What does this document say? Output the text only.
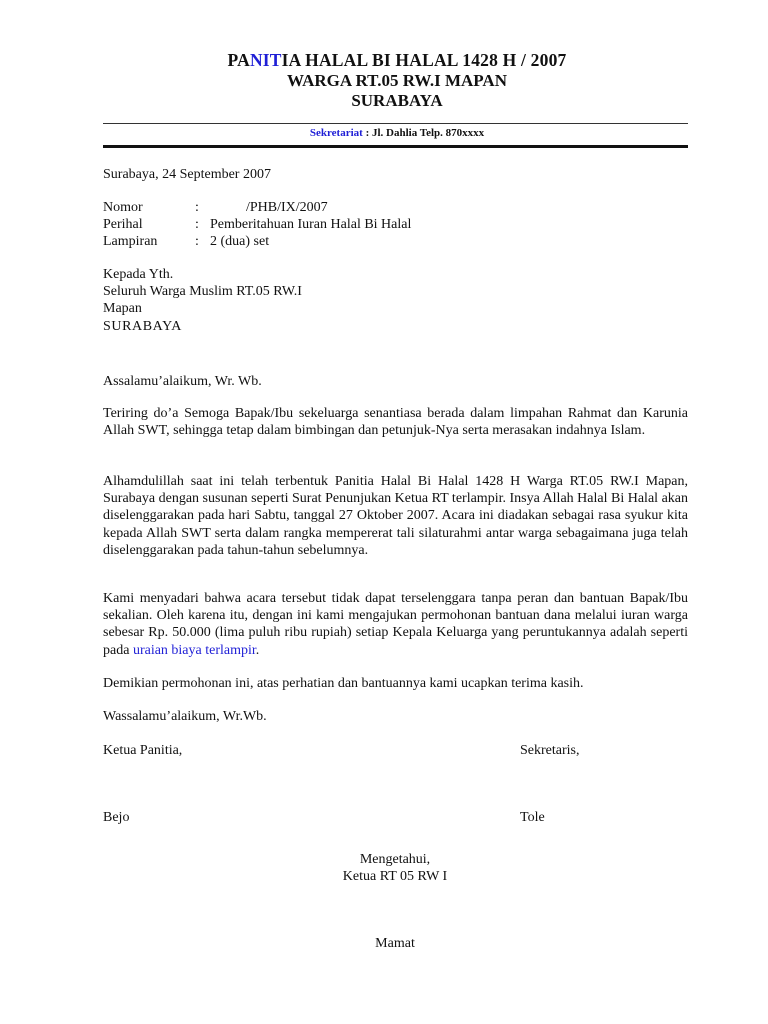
PANITIA HALAL BI HALAL 1428 H / 2007
WARGA RT.05 RW.I MAPAN
SURABAYA
Sekretariat : Jl. Dahlia Telp. 870xxxx
Surabaya, 24 September 2007
Nomor	:	/PHB/IX/2007
Perihal	: Pemberitahuan Iuran Halal Bi Halal
Lampiran	: 2 (dua) set
Kepada Yth.
Seluruh Warga Muslim RT.05 RW.I
Mapan
SURABAYA
Assalamu’alaikum, Wr. Wb.
Teriring do’a Semoga Bapak/Ibu sekeluarga senantiasa berada dalam limpahan Rahmat dan Karunia Allah SWT, sehingga tetap dalam bimbingan dan petunjuk-Nya serta merasakan indahnya Islam.
Alhamdulillah saat ini telah terbentuk Panitia Halal Bi Halal 1428 H Warga RT.05 RW.I Mapan, Surabaya dengan susunan seperti Surat Penunjukan Ketua RT terlampir. Insya Allah Halal Bi Halal akan diselenggarakan pada hari Sabtu, tanggal 27 Oktober 2007. Acara ini diadakan sebagai rasa syukur kita kepada Allah SWT serta dalam rangka mempererat tali silaturahmi antar warga sebagaimana juga telah diselenggarakan pada tahun-tahun sebelumnya.
Kami menyadari bahwa acara tersebut tidak dapat terselenggara tanpa peran dan bantuan Bapak/Ibu sekalian. Oleh karena itu, dengan ini kami mengajukan permohonan bantuan dana melalui iuran warga sebesar Rp. 50.000 (lima puluh ribu rupiah) setiap Kepala Keluarga yang peruntukannya adalah seperti pada uraian biaya terlampir.
Demikian permohonan ini, atas perhatian dan bantuannya kami ucapkan terima kasih.
Wassalamu’alaikum, Wr.Wb.
Ketua Panitia,	Sekretaris,
Bejo	Tole
Mengetahui,
Ketua RT 05 RW I
Mamat
